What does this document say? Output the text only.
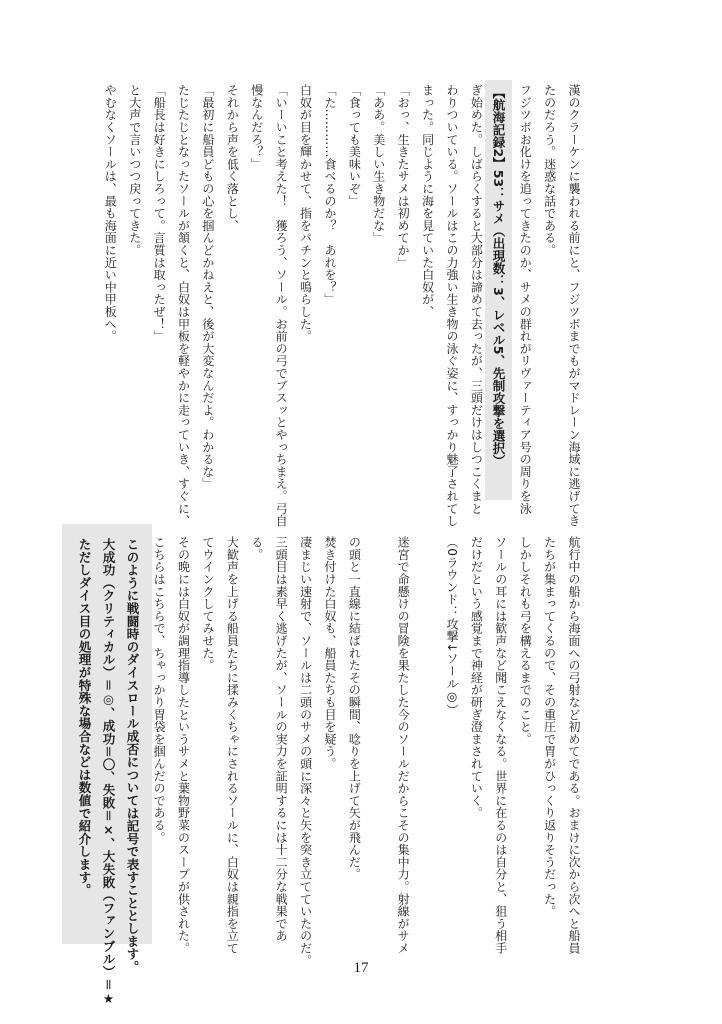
漢のクラーケンに襲われる前にと、フジツボまでもがマドレーン海域に逃げてき

たのだろう。迷惑な話である。

フジツボお化けを追ってきたのか、サメの群れがリヴァーティア号の周りを泳

ぎ始めた。しばらくすると大部分は諦めて去ったが、三頭だけはしつこくまと

わりついている。ソールはこの力強い生き物の泳ぐ姿に、すっかり魅了されてし

まった。同じように海を見ていた白奴が、

「おっ、生きたサメは初めてか」

「ああ。美しい生き物だな」

「食っても美味いぞ」

「た…………食べるのか？　あれを？」

白奴が目を輝かせて、指をパチンと鳴らした。

「いーいこと考えた！　獲ろう、ソール。お前の弓でブスッとやっちまえ。弓自

慢なんだろ？」

それから声を低く落とし、

「最初に船員どもの心を掴んどかねえと、後が大変なんだよ。わかるな」

たじたじとなったソールが頷くと、白奴は甲板を軽やかに走っていき、すぐに、

「船長は好きにしろって。言質は取ったぜ！」

と大声で言いつつ戻ってきた。

やむなくソールは、最も海面に近い中甲板へ。	【航海記録2】53：サメ（出現数：3、レベル5、先制攻撃を選択）

航行中の船から海面への弓射など初めてである。おまけに次から次へと船員

たちが集まってくるので、その重圧で胃がひっくり返りそうだった。

しかしそれも弓を構えるまでのこと。

ソールの耳には歓声など聞こえなくなる。世界に在るのは自分と、狙う相手

だけだという感覚まで神経が研ぎ澄まされていく。

（0ラウンド：攻撃↓ソール◎）

迷宮で命懸けの冒険を果たした今のソールだからこその集中力。射線がサメ

の頭と一直線に結ばれたその瞬間、唸りを上げて矢が飛んだ。

焚き付けた白奴も、船員たちも目を疑う。

凄まじい速射で、ソールは二頭のサメの頭に深々と矢を突き立てていたのだ。

三頭目は素早く逃げたが、ソールの実力を証明するには十二分な戦果であ

る。

大歓声を上げる船員たちに揉みくちゃにされるソールに、白奴は親指を立て

てウインクしてみせた。

その晩には白奴が調理指導したというサメと葉物野菜のスープが供された。

こちらはこちらで、ちゃっかり胃袋を掴んだのである。

このように戦闘時のダイスロール成否については記号で表すこととします。

大成功（クリティカル）＝◎、成功＝〇、失敗＝×、大失敗（ファンブル）＝★

ただしダイス目の処理が特殊な場合などは数値で紹介します。

17
